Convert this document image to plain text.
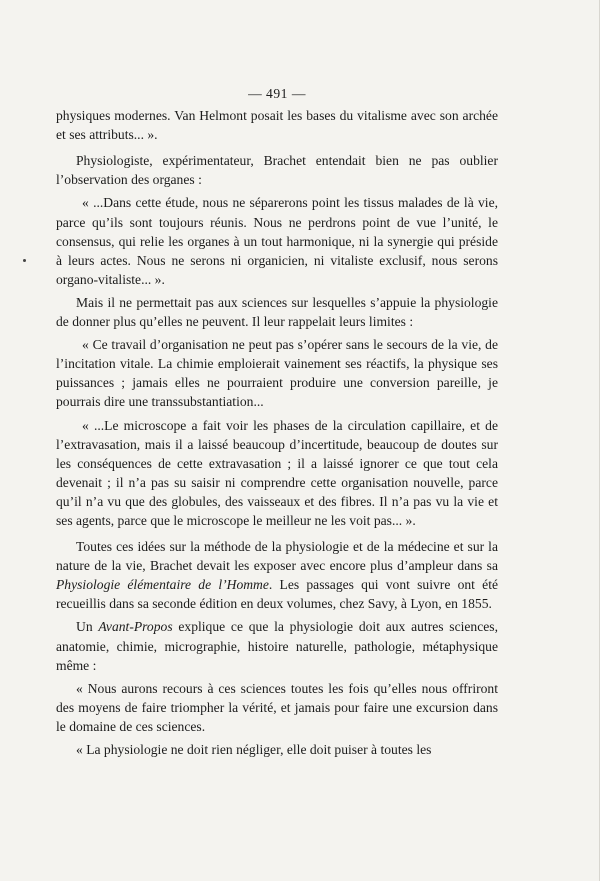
— 491 —

physiques modernes. Van Helmont posait les bases du vitalisme avec son archée et ses attributs... ».

Physiologiste, expérimentateur, Brachet entendait bien ne pas oublier l’observation des organes :

« ...Dans cette étude, nous ne séparerons point les tissus malades de là vie, parce qu’ils sont toujours réunis. Nous ne perdrons point de vue l’unité, le consensus, qui relie les organes à un tout harmonique, ni la synergie qui préside à leurs actes. Nous ne serons ni organicien, ni vitaliste exclusif, nous serons organo-vitaliste... ».

Mais il ne permettait pas aux sciences sur lesquelles s’appuie la physiologie de donner plus qu’elles ne peuvent. Il leur rappelait leurs limites :

« Ce travail d’organisation ne peut pas s’opérer sans le secours de la vie, de l’incitation vitale. La chimie emploierait vainement ses réactifs, la physique ses puissances ; jamais elles ne pourraient produire une conversion pareille, je pourrais dire une transsubstantiation...

« ...Le microscope a fait voir les phases de la circulation capillaire, et de l’extravasation, mais il a laissé beaucoup d’incertitude, beaucoup de doutes sur les conséquences de cette extravasation ; il a laissé ignorer ce que tout cela devenait ; il n’a pas su saisir ni comprendre cette organisation nouvelle, parce qu’il n’a vu que des globules, des vaisseaux et des fibres. Il n’a pas vu la vie et ses agents, parce que le microscope le meilleur ne les voit pas... ».

Toutes ces idées sur la méthode de la physiologie et de la médecine et sur la nature de la vie, Brachet devait les exposer avec encore plus d’ampleur dans sa Physiologie élémentaire de l’Homme. Les passages qui vont suivre ont été recueillis dans sa seconde édition en deux volumes, chez Savy, à Lyon, en 1855.

Un Avant-Propos explique ce que la physiologie doit aux autres sciences, anatomie, chimie, micrographie, histoire naturelle, pathologie, métaphysique même :

« Nous aurons recours à ces sciences toutes les fois qu’elles nous offriront des moyens de faire triompher la vérité, et jamais pour faire une excursion dans le domaine de ces sciences.

« La physiologie ne doit rien négliger, elle doit puiser à toutes les
